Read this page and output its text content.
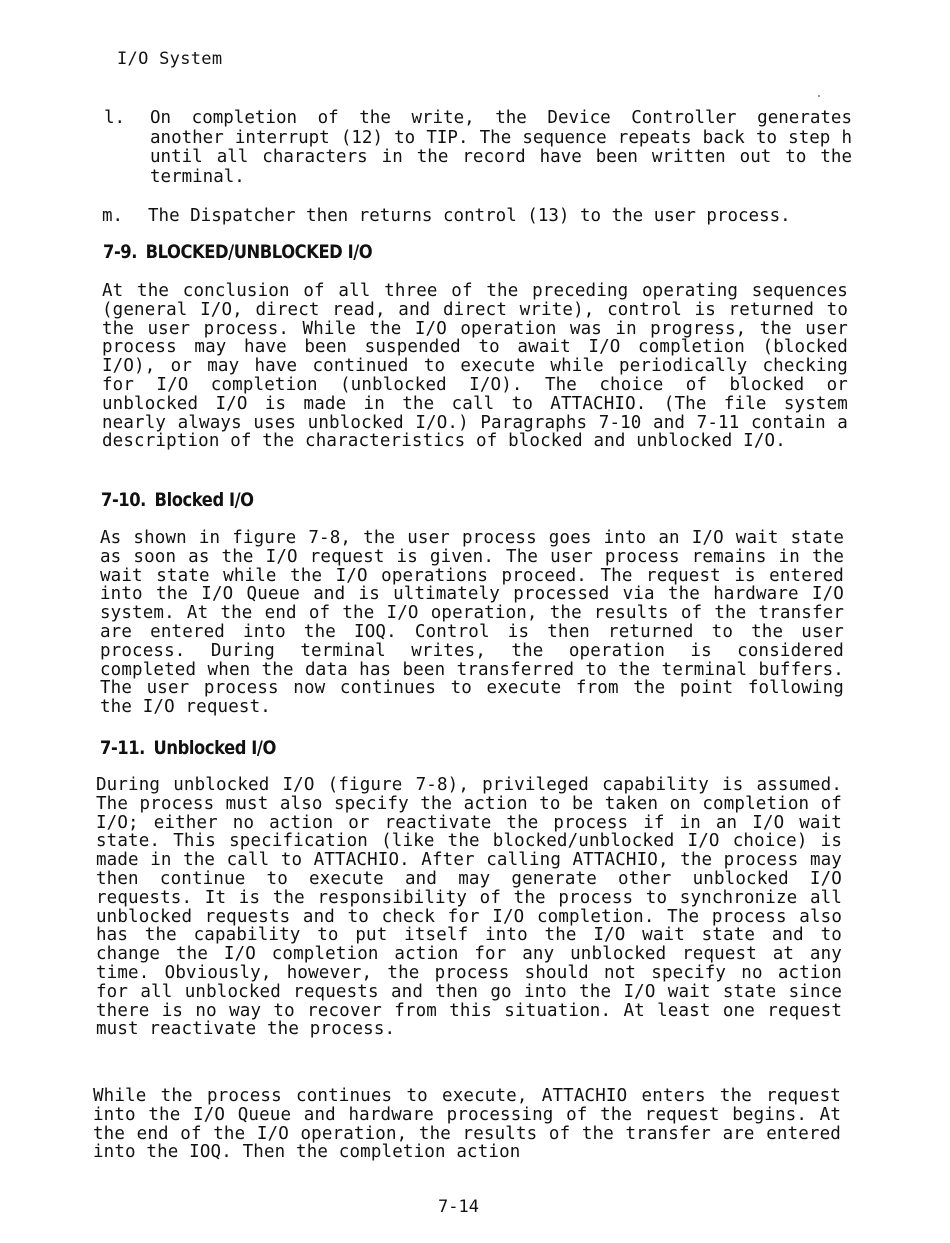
I/O System
l. On completion of the write, the Device Controller generates another interrupt (12) to TIP. The sequence repeats back to step h until all characters in the record have been written out to the terminal.
m. The Dispatcher then returns control (13) to the user process.
7-9. BLOCKED/UNBLOCKED I/O
At the conclusion of all three of the preceding operating sequences (general I/O, direct read, and direct write), control is returned to the user process. While the I/O operation was in progress, the user process may have been suspended to await I/O completion (blocked I/O), or may have continued to execute while periodically checking for I/O completion (unblocked I/O). The choice of blocked or unblocked I/O is made in the call to ATTACHIO. (The file system nearly always uses unblocked I/O.) Paragraphs 7-10 and 7-11 contain a description of the characteristics of blocked and unblocked I/O.
7-10. Blocked I/O
As shown in figure 7-8, the user process goes into an I/O wait state as soon as the I/O request is given. The user process remains in the wait state while the I/O operations proceed. The request is entered into the I/O Queue and is ultimately processed via the hardware I/O system. At the end of the I/O operation, the results of the transfer are entered into the IOQ. Control is then returned to the user process. During terminal writes, the operation is considered completed when the data has been transferred to the terminal buffers. The user process now continues to execute from the point following the I/O request.
7-11. Unblocked I/O
During unblocked I/O (figure 7-8), privileged capability is assumed. The process must also specify the action to be taken on completion of I/O; either no action or reactivate the process if in an I/O wait state. This specification (like the blocked/unblocked I/O choice) is made in the call to ATTACHIO. After calling ATTACHIO, the process may then continue to execute and may generate other unblocked I/O requests. It is the responsibility of the process to synchronize all unblocked requests and to check for I/O completion. The process also has the capability to put itself into the I/O wait state and to change the I/O completion action for any unblocked request at any time. Obviously, however, the process should not specify no action for all unblocked requests and then go into the I/O wait state since there is no way to recover from this situation. At least one request must reactivate the process.
While the process continues to execute, ATTACHIO enters the request into the I/O Queue and hardware processing of the request begins. At the end of the I/O operation, the results of the transfer are entered into the IOQ. Then the completion action
7-14
